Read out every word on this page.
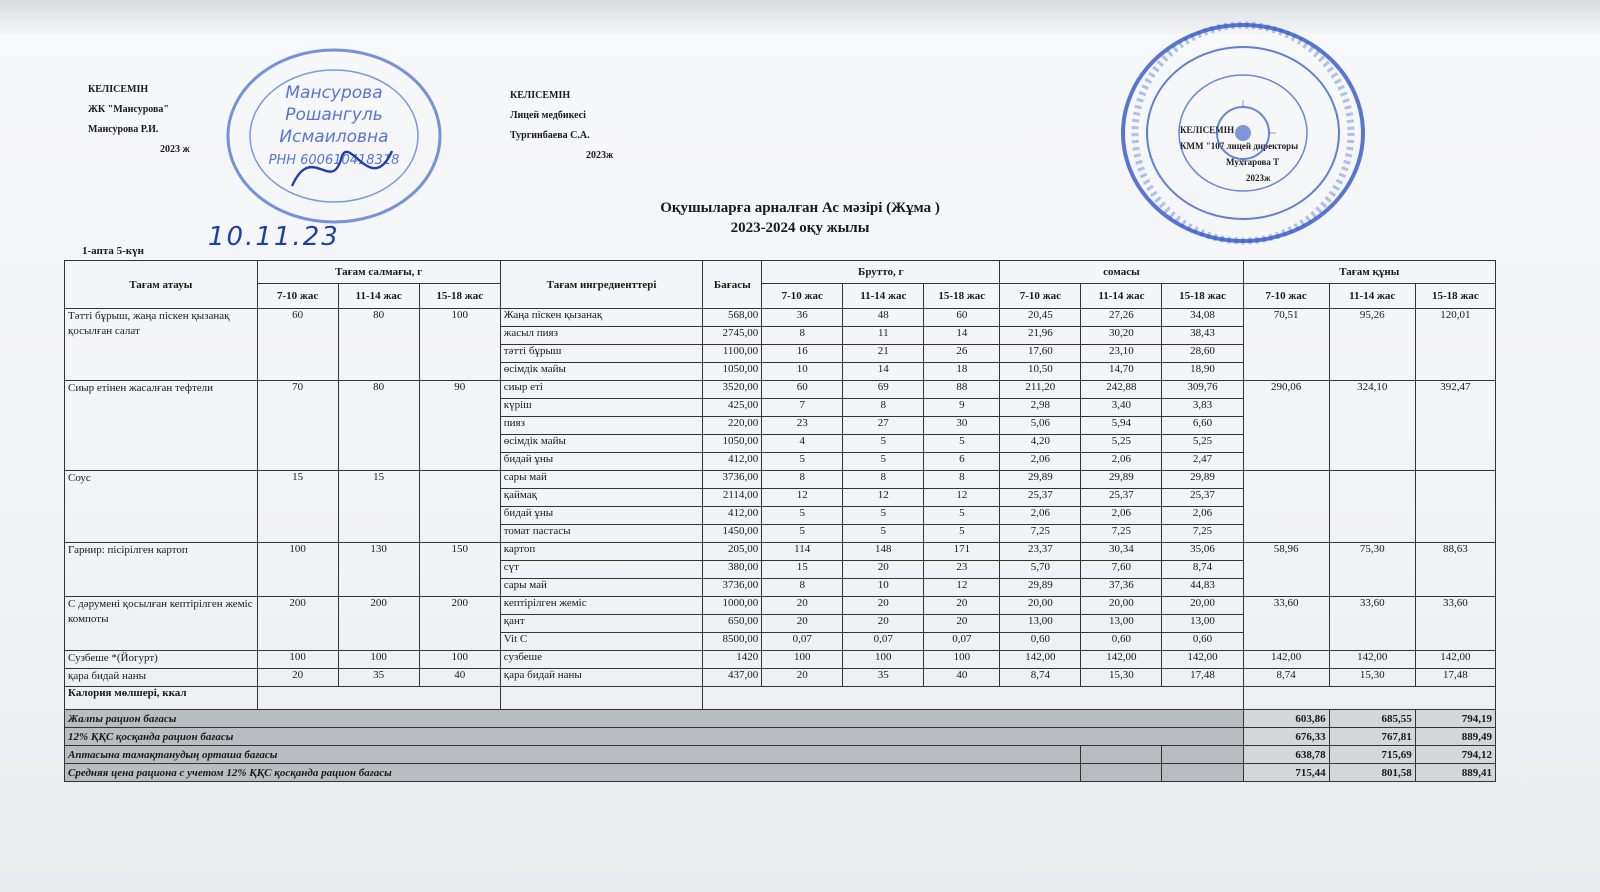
КЕЛІСЕМІН
ЖК "Мансурова"
Мансурова Р.И.
2023 ж
Мансурова
Рошангуль
Исмаиловна
РНН 600610418318
КЕЛІСЕМІН
Лицей медбикесі
Тургинбаева С.А.
2023ж
КЕЛІСЕМІН
КММ "107 лицей директоры
Мухтарова Т
2023ж
10.11.23
Оқушыларға арналған Ас мәзірі (Жұма )
2023-2024 оқу жылы
1-апта 5-күн
Тағам атауы	Тағам салмағы, г			Тағам ингредиенттері	Бағасы	Брутто, г			сомасы			Тағам құны		
	7-10 жас	11-14 жас	15-18 жас			7-10 жас	11-14 жас	15-18 жас	7-10 жас	11-14 жас	15-18 жас	7-10 жас	11-14 жас	15-18 жас
Тәтті бұрыш, жаңа піскен қызанақ қосылған салат	60	80	100	Жаңа піскен қызанақ	568,00	36	48	60	20,45	27,26	34,08	70,51	95,26	120,01
				жасыл пияз	2745,00	8	11	14	21,96	30,20	38,43			
				тәтті бұрыш	1100,00	16	21	26	17,60	23,10	28,60			
				өсімдік майы	1050,00	10	14	18	10,50	14,70	18,90			
Сиыр етінен жасалған тефтели	70	80	90	сиыр еті	3520,00	60	69	88	211,20	242,88	309,76	290,06	324,10	392,47
				күріш	425,00	7	8	9	2,98	3,40	3,83			
				пияз	220,00	23	27	30	5,06	5,94	6,60			
				өсімдік майы	1050,00	4	5	5	4,20	5,25	5,25			
				бидай ұны	412,00	5	5	6	2,06	2,06	2,47			
Соус	15	15		сары май	3736,00	8	8	8	29,89	29,89	29,89			
				қаймақ	2114,00	12	12	12	25,37	25,37	25,37			
				бидай ұны	412,00	5	5	5	2,06	2,06	2,06			
				томат пастасы	1450,00	5	5	5	7,25	7,25	7,25			
Гарнир: пісірілген картоп	100	130	150	картоп	205,00	114	148	171	23,37	30,34	35,06	58,96	75,30	88,63
				сүт	380,00	15	20	23	5,70	7,60	8,74			
				сары май	3736,00	8	10	12	29,89	37,36	44,83			
С дәрумені қосылған кептірілген жеміс компоты	200	200	200	кептірілген жеміс	1000,00	20	20	20	20,00	20,00	20,00	33,60	33,60	33,60
				қант	650,00	20	20	20	13,00	13,00	13,00			
				Vit C	8500,00	0,07	0,07	0,07	0,60	0,60	0,60			
Сузбеше *(Йогурт)	100	100	100	сузбеше	1420	100	100	100	142,00	142,00	142,00	142,00	142,00	142,00
қара бидай наны	20	35	40	қара бидай наны	437,00	20	35	40	8,74	15,30	17,48	8,74	15,30	17,48
Калория мөлшері, ккал														
Жалпы рацион бағасы												603,86	685,55	794,19
12% ҚҚС қосқанда рацион бағасы												676,33	767,81	889,49
Аптасына тамақтанудың орташа бағасы												638,78	715,69	794,12
Средняя цена рациона с учетом 12% ҚҚС қосқанда рацион бағасы												715,44	801,58	889,41
